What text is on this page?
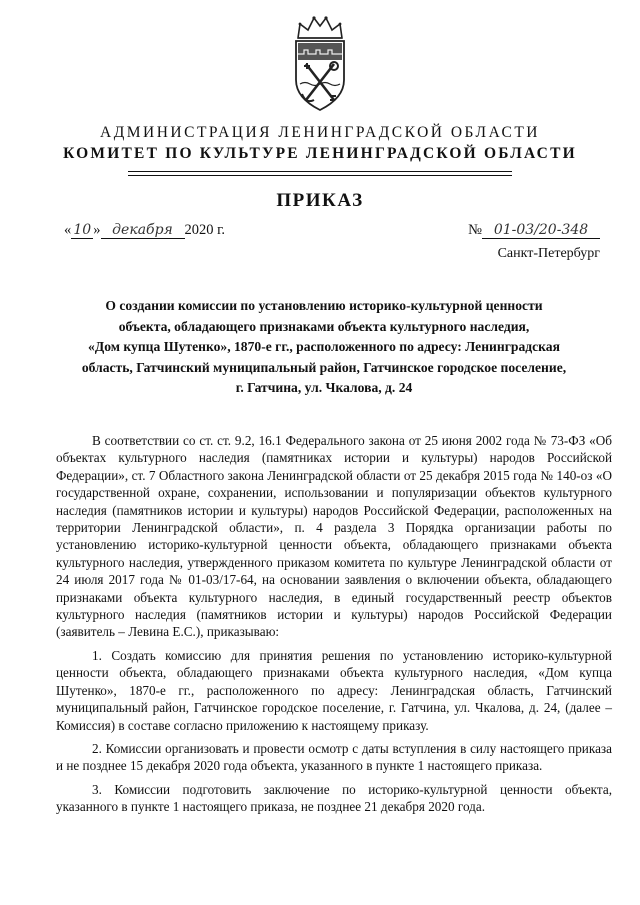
АДМИНИСТРАЦИЯ ЛЕНИНГРАДСКОЙ ОБЛАСТИ
КОМИТЕТ ПО КУЛЬТУРЕ ЛЕНИНГРАДСКОЙ ОБЛАСТИ
ПРИКАЗ
« 10 » декабря 2020 г.	№ 01-03/20-348
Санкт-Петербург
О создании комиссии по установлению историко-культурной ценности
объекта, обладающего признаками объекта культурного наследия,
«Дом купца Шутенко», 1870-е гг., расположенного по адресу: Ленинградская
область, Гатчинский муниципальный район, Гатчинское городское поселение,
г. Гатчина, ул. Чкалова, д. 24

В соответствии со ст. ст. 9.2, 16.1 Федерального закона от 25 июня 2002 года № 73-ФЗ «Об объектах культурного наследия (памятниках истории и культуры) народов Российской Федерации», ст. 7 Областного закона Ленинградской области от 25 декабря 2015 года № 140-оз «О государственной охране, сохранении, использовании и популяризации объектов культурного наследия (памятников истории и культуры) народов Российской Федерации, расположенных на территории Ленинградской области», п. 4 раздела 3 Порядка организации работы по установлению историко-культурной ценности объекта, обладающего признаками объекта культурного наследия, утвержденного приказом комитета по культуре Ленинградской области от 24 июля 2017 года № 01-03/17-64, на основании заявления о включении объекта, обладающего признаками объекта культурного наследия, в единый государственный реестр объектов культурного наследия (памятников истории и культуры) народов Российской Федерации (заявитель – Левина Е.С.), приказываю:

1. Создать комиссию для принятия решения по установлению историко-культурной ценности объекта, обладающего признаками объекта культурного наследия, «Дом купца Шутенко», 1870-е гг., расположенного по адресу: Ленинградская область, Гатчинский муниципальный район, Гатчинское городское поселение, г. Гатчина, ул. Чкалова, д. 24, (далее – Комиссия) в составе согласно приложению к настоящему приказу.

2. Комиссии организовать и провести осмотр с даты вступления в силу настоящего приказа и не позднее 15 декабря 2020 года объекта, указанного в пункте 1 настоящего приказа.

3. Комиссии подготовить заключение по историко-культурной ценности объекта, указанного в пункте 1 настоящего приказа, не позднее 21 декабря 2020 года.
